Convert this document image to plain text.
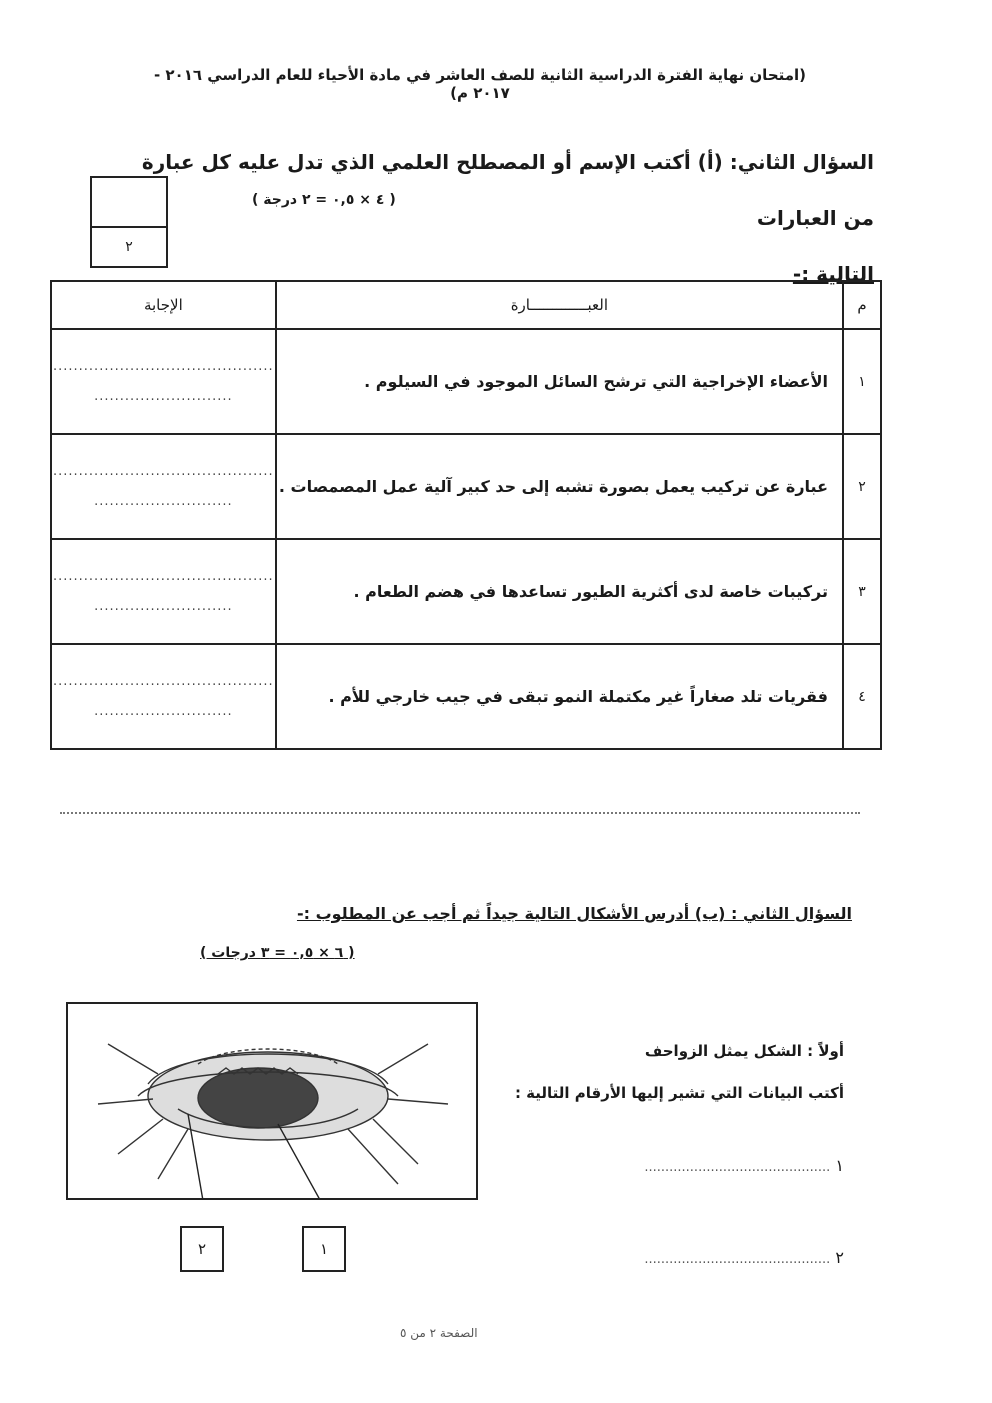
(امتحان نهاية الفترة الدراسية الثانية للصف العاشر في مادة الأحياء للعام الدراسي ٢٠١٦ - ٢٠١٧ م)
السؤال الثاني: (أ) أكتب الإسم أو المصطلح العلمي الذي تدل عليه كل عبارة من العبارات
التالية :-
( ٤ × ٠,٥ = ٢ درجة )
٢
م	العبـــــــــــــارة	الإجابة
١	الأعضاء الإخراجية التي ترشح السائل الموجود في السيلوم .	...........................................
...........................

٢	عبارة عن تركيب يعمل بصورة تشبه إلى حد كبير آلية عمل المصمصات .	...........................................
...........................

٣	تركيبات خاصة لدى أكثرية الطيور تساعدها في هضم الطعام .	...........................................
...........................

٤	فقريات تلد صغاراً غير مكتملة النمو تبقى في جيب خارجي للأم .	...........................................
...........................
السؤال الثاني : (ب) أدرس الأشكال التالية جيداً ثم أجب عن المطلوب :-
( ٦ × ٠,٥ = ٣ درجات )
٢	١
أولاً : الشكل يمثل الزواحف
أكتب البيانات التي تشير إليها الأرقام التالية :
١ .............................................
٢ .............................................
الصفحة ٢ من ٥
